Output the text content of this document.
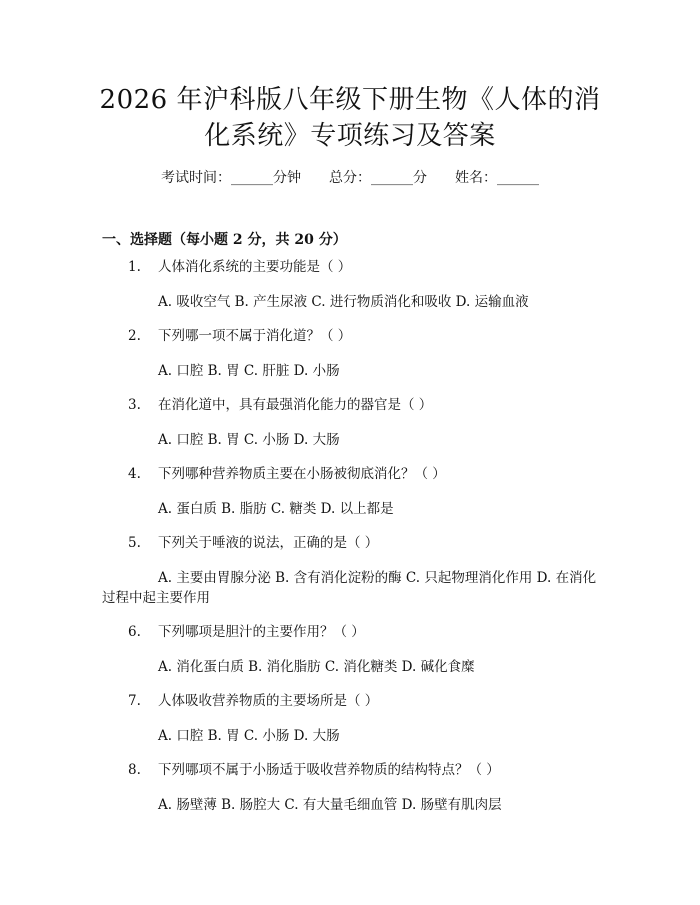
2026 年沪科版八年级下册生物《人体的消化系统》专项练习及答案
考试时间：______分钟 总分：______分 姓名：______
一、选择题（每小题 2 分，共 20 分）
1.	人体消化系统的主要功能是（ ）
A. 吸收空气 B. 产生尿液 C. 进行物质消化和吸收 D. 运输血液
2.	下列哪一项不属于消化道？（ ）
A. 口腔 B. 胃 C. 肝脏 D. 小肠
3.	在消化道中，具有最强消化能力的器官是（ ）
A. 口腔 B. 胃 C. 小肠 D. 大肠
4.	下列哪种营养物质主要在小肠被彻底消化？（ ）
A. 蛋白质 B. 脂肪 C. 糖类 D. 以上都是
5.	下列关于唾液的说法，正确的是（ ）
A. 主要由胃腺分泌 B. 含有消化淀粉的酶 C. 只起物理消化作用 D. 在消化过程中起主要作用
6.	下列哪项是胆汁的主要作用？（ ）
A. 消化蛋白质 B. 消化脂肪 C. 消化糖类 D. 碱化食糜
7.	人体吸收营养物质的主要场所是（ ）
A. 口腔 B. 胃 C. 小肠 D. 大肠
8.	下列哪项不属于小肠适于吸收营养物质的结构特点？（ ）
A. 肠壁薄 B. 肠腔大 C. 有大量毛细血管 D. 肠壁有肌肉层
